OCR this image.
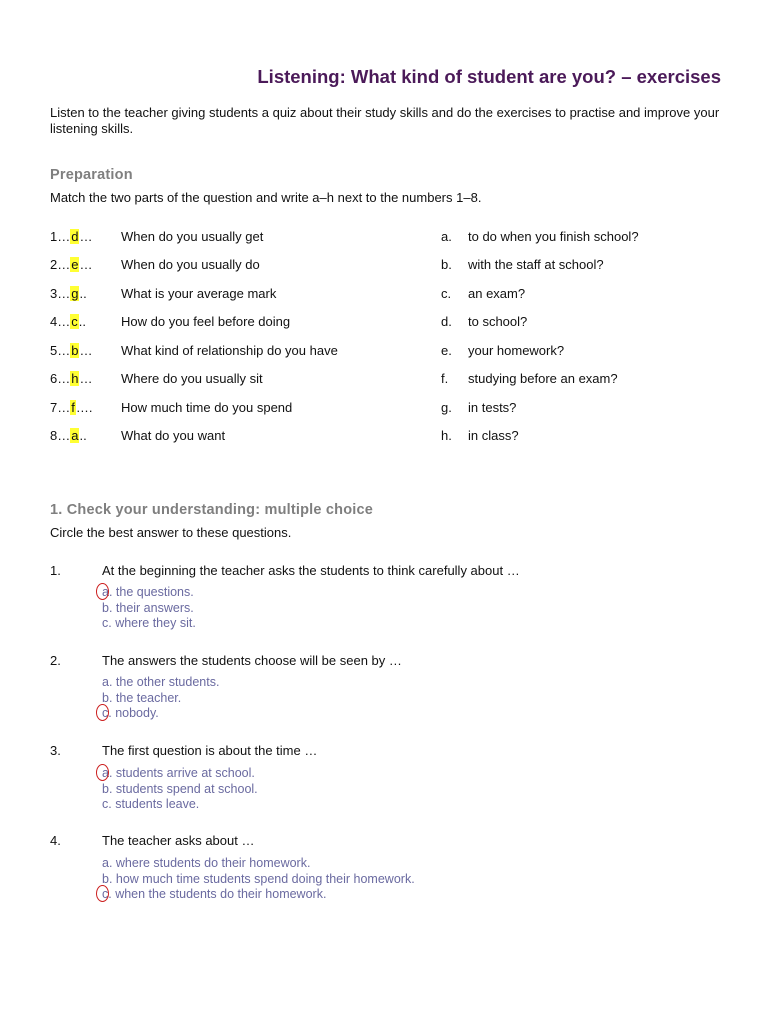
Listening: What kind of student are you? – exercises

Listen to the teacher giving students a quiz about their study skills and do the exercises to practise and improve your listening skills.

Preparation

Match the two parts of the question and write a–h next to the numbers 1–8.

1…d… When do you usually get	a. to do when you finish school?
2…e… When do you usually do	b. with the staff at school?
3…g..	What is your average mark	c. an exam?
4…c..	How do you feel before doing	d. to school?
5…b… What kind of relationship do you have	e. your homework?
6…h… Where do you usually sit	f. studying before an exam?
7…f…. How much time do you spend	g. in tests?
8…a..	What do you want	h. in class?
1. Check your understanding: multiple choice

Circle the best answer to these questions.

1.	At the beginning the teacher asks the students to think carefully about …
a. the questions.
b. their answers.
c. where they sit.
2.	The answers the students choose will be seen by …
a. the other students.
b. the teacher.
c. nobody.
3.	The first question is about the time …
a. students arrive at school.
b. students spend at school.
c. students leave.
4.	The teacher asks about …
a. where students do their homework.
b. how much time students spend doing their homework.
c. when the students do their homework.
